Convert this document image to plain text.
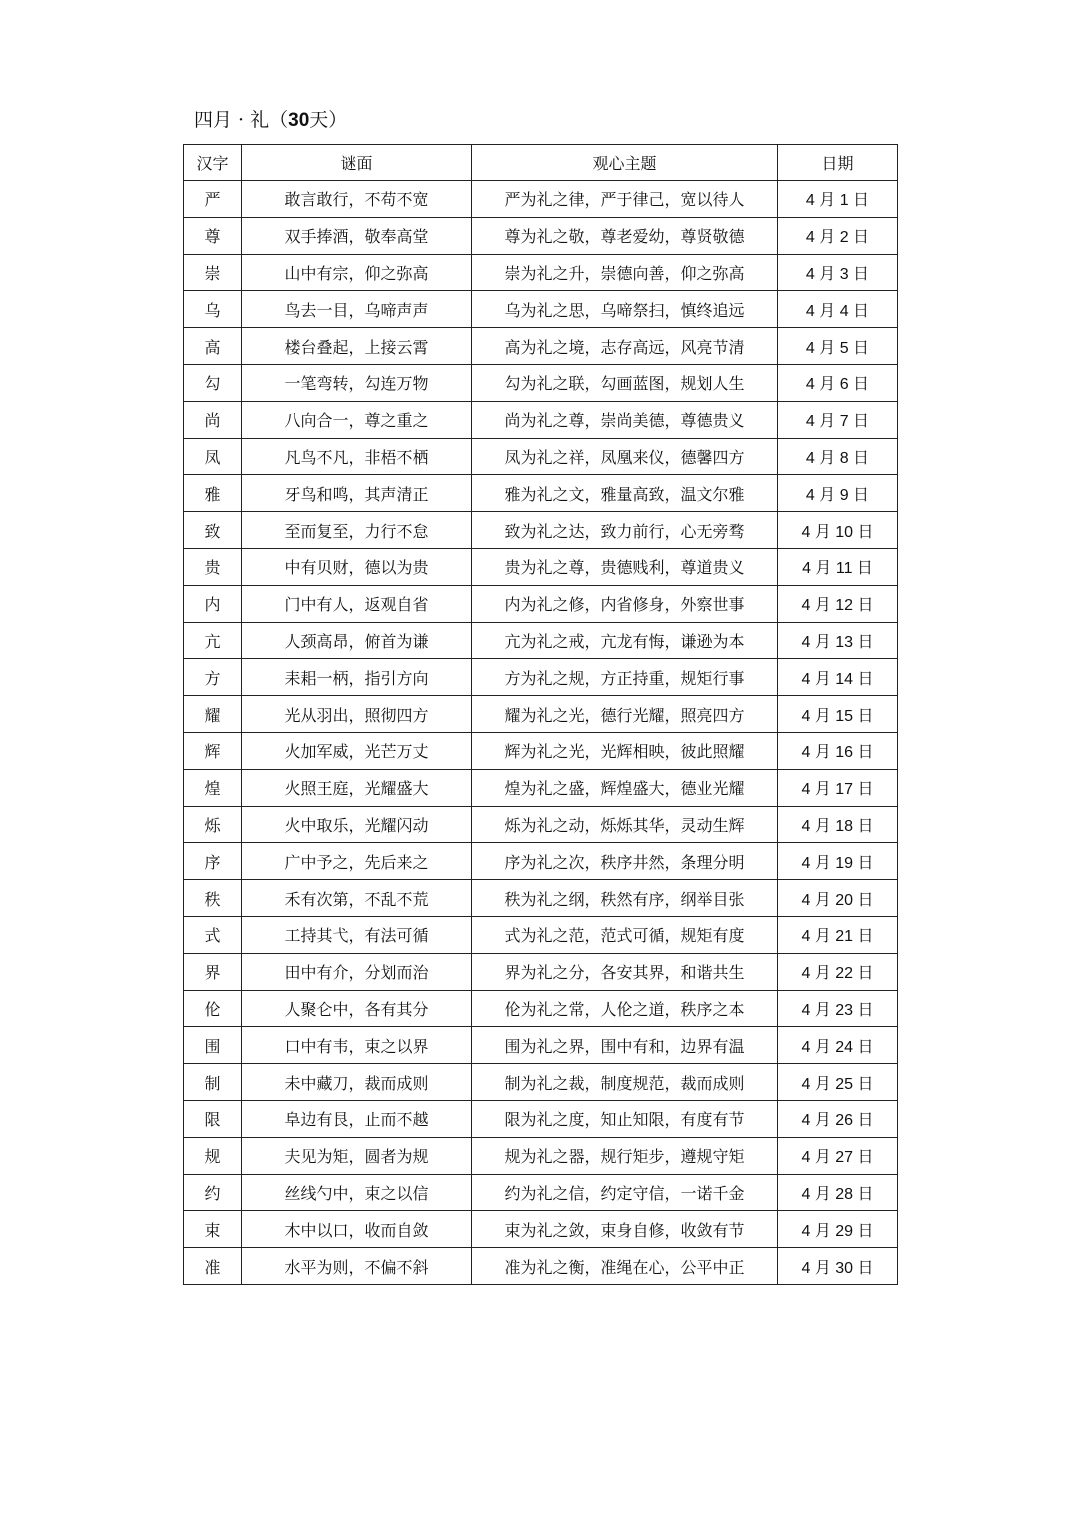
四月 · 礼（30天）
汉字	谜面	观心主题	日期
严	敢言敢行，不苟不宽	严为礼之律，严于律己，宽以待人	4 月 1 日
尊	双手捧酒，敬奉高堂	尊为礼之敬，尊老爱幼，尊贤敬德	4 月 2 日
崇	山中有宗，仰之弥高	崇为礼之升，崇德向善，仰之弥高	4 月 3 日
乌	鸟去一目，乌啼声声	乌为礼之思，乌啼祭扫，慎终追远	4 月 4 日
高	楼台叠起，上接云霄	高为礼之境，志存高远，风亮节清	4 月 5 日
勾	一笔弯转，勾连万物	勾为礼之联，勾画蓝图，规划人生	4 月 6 日
尚	八向合一，尊之重之	尚为礼之尊，崇尚美德，尊德贵义	4 月 7 日
凤	凡鸟不凡，非梧不栖	凤为礼之祥，凤凰来仪，德馨四方	4 月 8 日
雅	牙鸟和鸣，其声清正	雅为礼之文，雅量高致，温文尔雅	4 月 9 日
致	至而复至，力行不怠	致为礼之达，致力前行，心无旁骛	4 月 10 日
贵	中有贝财，德以为贵	贵为礼之尊，贵德贱利，尊道贵义	4 月 11 日
内	门中有人，返观自省	内为礼之修，内省修身，外察世事	4 月 12 日
亢	人颈高昂，俯首为谦	亢为礼之戒，亢龙有悔，谦逊为本	4 月 13 日
方	耒耜一柄，指引方向	方为礼之规，方正持重，规矩行事	4 月 14 日
耀	光从羽出，照彻四方	耀为礼之光，德行光耀，照亮四方	4 月 15 日
辉	火加军威，光芒万丈	辉为礼之光，光辉相映，彼此照耀	4 月 16 日
煌	火照王庭，光耀盛大	煌为礼之盛，辉煌盛大，德业光耀	4 月 17 日
烁	火中取乐，光耀闪动	烁为礼之动，烁烁其华，灵动生辉	4 月 18 日
序	广中予之，先后来之	序为礼之次，秩序井然，条理分明	4 月 19 日
秩	禾有次第，不乱不荒	秩为礼之纲，秩然有序，纲举目张	4 月 20 日
式	工持其弋，有法可循	式为礼之范，范式可循，规矩有度	4 月 21 日
界	田中有介，分划而治	界为礼之分，各安其界，和谐共生	4 月 22 日
伦	人聚仑中，各有其分	伦为礼之常，人伦之道，秩序之本	4 月 23 日
围	口中有韦，束之以界	围为礼之界，围中有和，边界有温	4 月 24 日
制	未中藏刀，裁而成则	制为礼之裁，制度规范，裁而成则	4 月 25 日
限	阜边有艮，止而不越	限为礼之度，知止知限，有度有节	4 月 26 日
规	夫见为矩，圆者为规	规为礼之器，规行矩步，遵规守矩	4 月 27 日
约	丝线勺中，束之以信	约为礼之信，约定守信，一诺千金	4 月 28 日
束	木中以口，收而自敛	束为礼之敛，束身自修，收敛有节	4 月 29 日
准	水平为则，不偏不斜	准为礼之衡，准绳在心，公平中正	4 月 30 日
